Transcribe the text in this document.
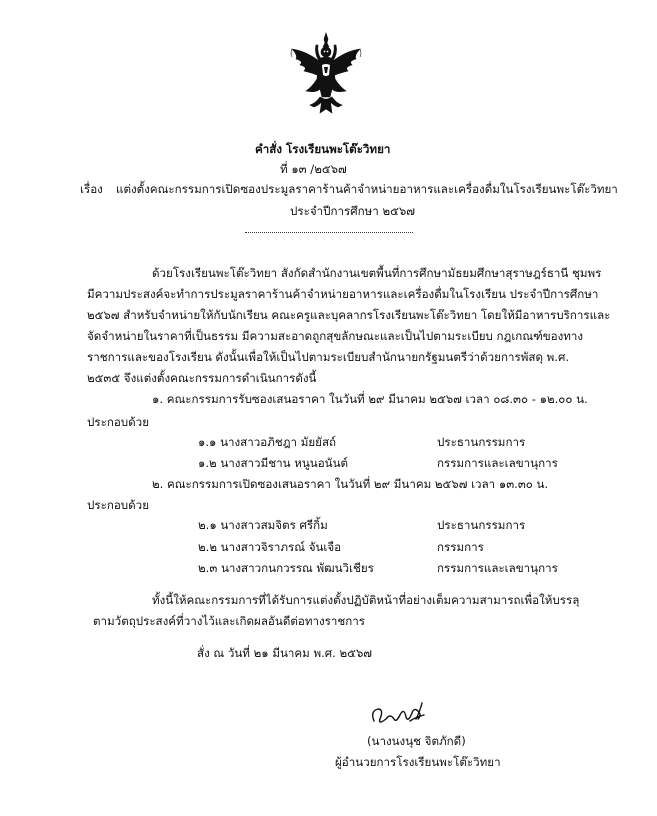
คำสั่ง โรงเรียนพะโต๊ะวิทยา
ที่ ๑๓ /๒๕๖๗
เรื่อง แต่งตั้งคณะกรรมการเปิดซองประมูลราคาร้านค้าจำหน่ายอาหารและเครื่องดื่มในโรงเรียนพะโต๊ะวิทยา
ประจำปีการศึกษา ๒๕๖๗
ด้วยโรงเรียนพะโต๊ะวิทยา สังกัดสำนักงานเขตพื้นที่การศึกษามัธยมศึกษาสุราษฎร์ธานี ชุมพร
มีความประสงค์จะทำการประมูลราคาร้านค้าจำหน่ายอาหารและเครื่องดื่มในโรงเรียน ประจำปีการศึกษา
๒๕๖๗ สำหรับจำหน่ายให้กับนักเรียน คณะครูและบุคลากรโรงเรียนพะโต๊ะวิทยา โดยให้มีอาหารบริการและ
จัดจำหน่ายในราคาที่เป็นธรรม มีความสะอาดถูกสุขลักษณะและเป็นไปตามระเบียบ กฎเกณฑ์ของทาง
ราชการและของโรงเรียน ดังนั้นเพื่อให้เป็นไปตามระเบียบสำนักนายกรัฐมนตรีว่าด้วยการพัสดุ พ.ศ.
๒๕๓๕ จึงแต่งตั้งคณะกรรมการดำเนินการดังนี้
๑. คณะกรรมการรับซองเสนอราคา ในวันที่ ๒๙ มีนาคม ๒๕๖๗ เวลา ๐๘.๓๐ - ๑๒.๐๐ น.
ประกอบด้วย
๑.๑ นางสาวอภิชฎา มัยยัสถ์	ประธานกรรมการ
๑.๒ นางสาวมีชาน หนูนอนันต์	กรรมการและเลขานุการ
๒. คณะกรรมการเปิดซองเสนอราคา ในวันที่ ๒๙ มีนาคม ๒๕๖๗ เวลา ๑๓.๓๐ น.
ประกอบด้วย
๒.๑ นางสาวสมจิตร ศรีกิ้ม	ประธานกรรมการ
๒.๒ นางสาวจิราภรณ์ จันเจือ	กรรมการ
๒.๓ นางสาวกนกวรรณ พัฒนวิเชียร	กรรมการและเลขานุการ
ทั้งนี้ให้คณะกรรมการที่ได้รับการแต่งตั้งปฏิบัติหน้าที่อย่างเต็มความสามารถเพื่อให้บรรลุ
ตามวัตถุประสงค์ที่วางไว้และเกิดผลอันดีต่อทางราชการ
สั่ง ณ วันที่ ๒๑ มีนาคม พ.ศ. ๒๕๖๗
(นางนงนุช จิตภักดี)
ผู้อำนวยการโรงเรียนพะโต๊ะวิทยา
